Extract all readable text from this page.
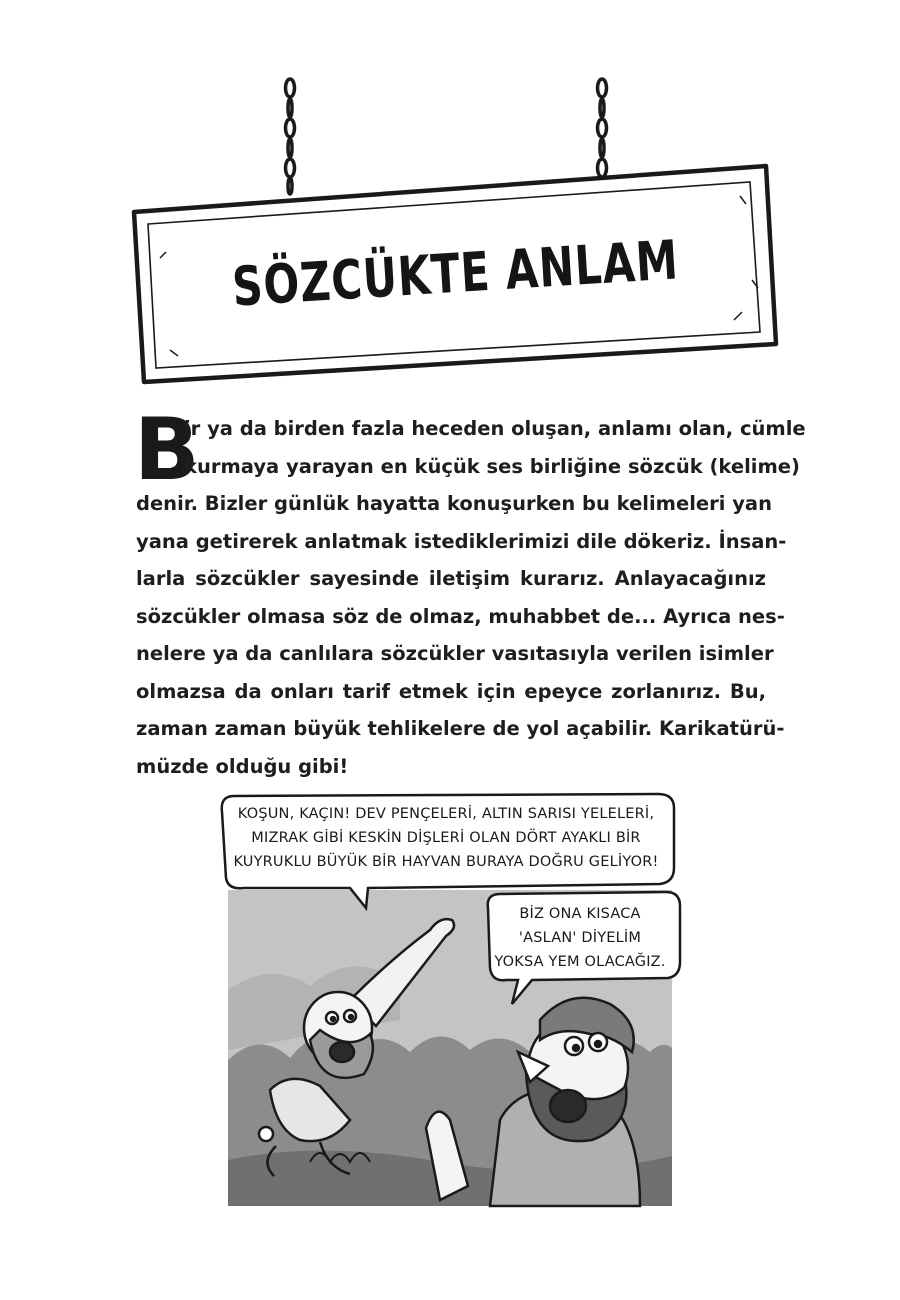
SÖZCÜKTE ANLAM
B
ir ya da birden fazla heceden oluşan, anlamı olan, cümle
kurmaya yarayan en küçük ses birliğine sözcük (kelime)
denir. Bizler günlük hayatta konuşurken bu kelimeleri yan
yana getirerek anlatmak istediklerimizi dile dökeriz. İnsan-
larla sözcükler sayesinde iletişim kurarız. Anlayacağınız
sözcükler olmasa söz de olmaz, muhabbet de... Ayrıca nes-
nelere ya da canlılara sözcükler vasıtasıyla verilen isimler
olmazsa da onları tarif etmek için epeyce zorlanırız. Bu,
zaman zaman büyük tehlikelere de yol açabilir. Karikatürü-
müzde olduğu gibi!
KOŞUN, KAÇIN! DEV PENÇELERİ, ALTIN SARISI YELELERİ,
MIZRAK GİBİ KESKİN DİŞLERİ OLAN DÖRT AYAKLI BİR
KUYRUKLU BÜYÜK BİR HAYVAN BURAYA DOĞRU GELİYOR!
BİZ ONA KISACA
'ASLAN' DİYELİM
YOKSA YEM OLACAĞIZ.
